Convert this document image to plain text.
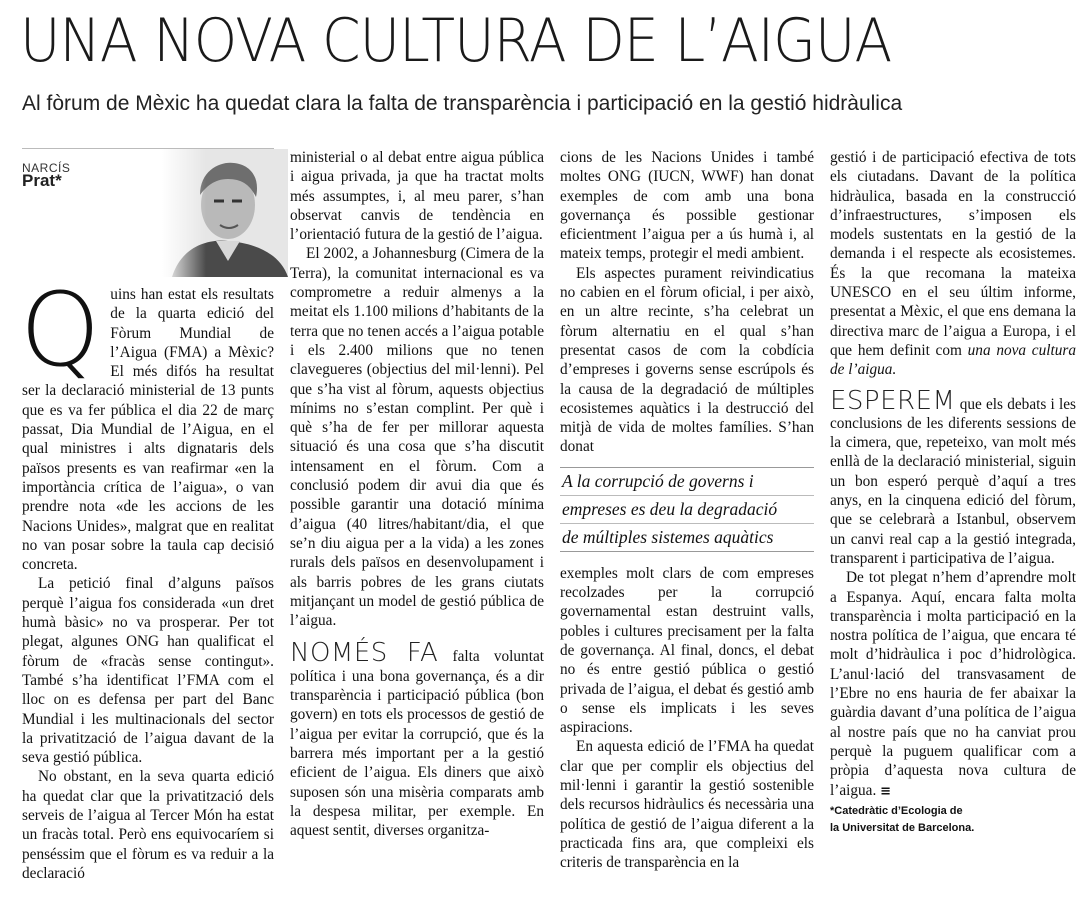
UNA NOVA CULTURA DE L’AIGUA
Al fòrum de Mèxic ha quedat clara la falta de transparència i participació en la gestió hidràulica
NARCÍS
Prat*

Quins han estat els resultats de la quarta edició del Fòrum Mundial de l’Aigua (FMA) a Mèxic? El més difós ha resultat ser la declaració ministerial de 13 punts que es va fer pública el dia 22 de març passat, Dia Mundial de l’Aigua, en el qual ministres i alts dignataris dels països presents es van reafirmar «en la importància crítica de l’aigua», o van prendre nota «de les accions de les Nacions Unides», malgrat que en realitat no van posar sobre la taula cap decisió concreta.

La petició final d’alguns països perquè l’aigua fos considerada «un dret humà bàsic» no va prosperar. Per tot plegat, algunes ONG han qualificat el fòrum de «fracàs sense contingut». També s’ha identificat l’FMA com el lloc on es defensa per part del Banc Mundial i les multinacionals del sector la privatització de l’aigua davant de la seva gestió pública.

No obstant, en la seva quarta edició ha quedat clar que la privatització dels serveis de l’aigua al Tercer Món ha estat un fracàs total. Però ens equivocaríem si penséssim que el fòrum es va reduir a la declaració

ministerial o al debat entre aigua pública i aigua privada, ja que ha tractat molts més assumptes, i, al meu parer, s’han observat canvis de tendència en l’orientació futura de la gestió de l’aigua.

El 2002, a Johannesburg (Cimera de la Terra), la comunitat internacional es va comprometre a reduir almenys a la meitat els 1.100 milions d’habitants de la terra que no tenen accés a l’aigua potable i els 2.400 milions que no tenen clavegueres (objectius del mil·lenni). Pel que s’ha vist al fòrum, aquests objectius mínims no s’estan complint. Per què i què s’ha de fer per millorar aquesta situació és una cosa que s’ha discutit intensament en el fòrum. Com a conclusió podem dir avui dia que és possible garantir una dotació mínima d’aigua (40 litres/habitant/dia, el que se’n diu aigua per a la vida) a les zones rurals dels països en desenvolupament i als barris pobres de les grans ciutats mitjançant un model de gestió pública de l’aigua.

NOMÉS FA falta voluntat política i una bona governança, és a dir transparència i participació pública (bon govern) en tots els processos de gestió de l’aigua per evitar la corrupció, que és la barrera més important per a la gestió eficient de l’aigua. Els diners que això suposen són una misèria comparats amb la despesa militar, per exemple. En aquest sentit, diverses organitza-

cions de les Nacions Unides i també moltes ONG (IUCN, WWF) han donat exemples de com amb una bona governança és possible gestionar eficientment l’aigua per a ús humà i, al mateix temps, protegir el medi ambient.

Els aspectes purament reivindicatius no cabien en el fòrum oficial, i per això, en un altre recinte, s’ha celebrat un fòrum alternatiu en el qual s’han presentat casos de com la cobdícia d’empreses i governs sense escrúpols és la causa de la degradació de múltiples ecosistemes aquàtics i la destrucció del mitjà de vida de moltes famílies. S’han donat

A la corrupció de governs i
empreses es deu la degradació
de múltiples sistemes aquàtics

exemples molt clars de com empreses recolzades per la corrupció governamental estan destruint valls, pobles i cultures precisament per la falta de governança. Al final, doncs, el debat no és entre gestió pública o gestió privada de l’aigua, el debat és gestió amb o sense els implicats i les seves aspiracions.

En aquesta edició de l’FMA ha quedat clar que per complir els objectius del mil·lenni i garantir la gestió sostenible dels recursos hidràulics és necessària una política de gestió de l’aigua diferent a la practicada fins ara, que compleixi els criteris de transparència en la

gestió i de participació efectiva de tots els ciutadans. Davant de la política hidràulica, basada en la construcció d’infraestructures, s’imposen els models sustentats en la gestió de la demanda i el respecte als ecosistemes. És la que recomana la mateixa UNESCO en el seu últim informe, presentat a Mèxic, el que ens demana la directiva marc de l’aigua a Europa, i el que hem definit com una nova cultura de l’aigua.

ESPEREM que els debats i les conclusions de les diferents sessions de la cimera, que, repeteixo, van molt més enllà de la declaració ministerial, siguin un bon esperó perquè d’aquí a tres anys, en la cinquena edició del fòrum, que se celebrarà a Istanbul, observem un canvi real cap a la gestió integrada, transparent i participativa de l’aigua.

De tot plegat n’hem d’aprendre molt a Espanya. Aquí, encara falta molta transparència i molta participació en la nostra política de l’aigua, que encara té molt d’hidràulica i poc d’hidrològica. L’anul·lació del transvasament de l’Ebre no ens hauria de fer abaixar la guàrdia davant d’una política de l’aigua al nostre país que no ha canviat prou perquè la puguem qualificar com a pròpia d’aquesta nova cultura de l’aigua. ≡

*Catedràtic d’Ecologia de
la Universitat de Barcelona.
